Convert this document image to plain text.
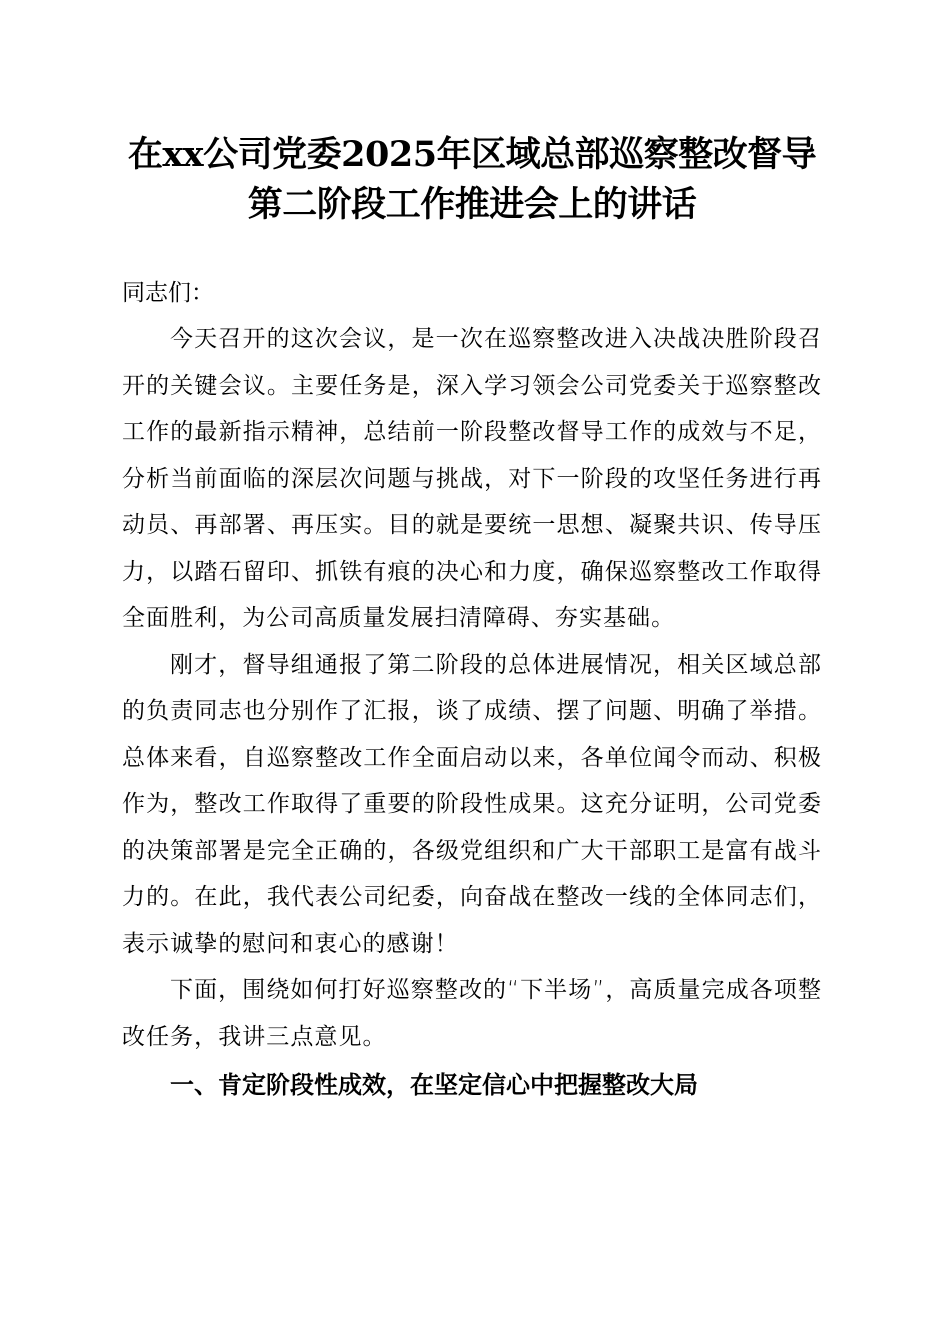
在xx公司党委2025年区域总部巡察整改督导
第二阶段工作推进会上的讲话
同志们：

今天召开的这次会议，是一次在巡察整改进入决战决胜阶段召开的关键会议。主要任务是，深入学习领会公司党委关于巡察整改工作的最新指示精神，总结前一阶段整改督导工作的成效与不足，分析当前面临的深层次问题与挑战，对下一阶段的攻坚任务进行再动员、再部署、再压实。目的就是要统一思想、凝聚共识、传导压力，以踏石留印、抓铁有痕的决心和力度，确保巡察整改工作取得全面胜利，为公司高质量发展扫清障碍、夯实基础。

刚才，督导组通报了第二阶段的总体进展情况，相关区域总部的负责同志也分别作了汇报，谈了成绩、摆了问题、明确了举措。总体来看，自巡察整改工作全面启动以来，各单位闻令而动、积极作为，整改工作取得了重要的阶段性成果。这充分证明，公司党委的决策部署是完全正确的，各级党组织和广大干部职工是富有战斗力的。在此，我代表公司纪委，向奋战在整改一线的全体同志们，表示诚挚的慰问和衷心的感谢！

下面，围绕如何打好巡察整改的“下半场”，高质量完成各项整改任务，我讲三点意见。

一、肯定阶段性成效，在坚定信心中把握整改大局
